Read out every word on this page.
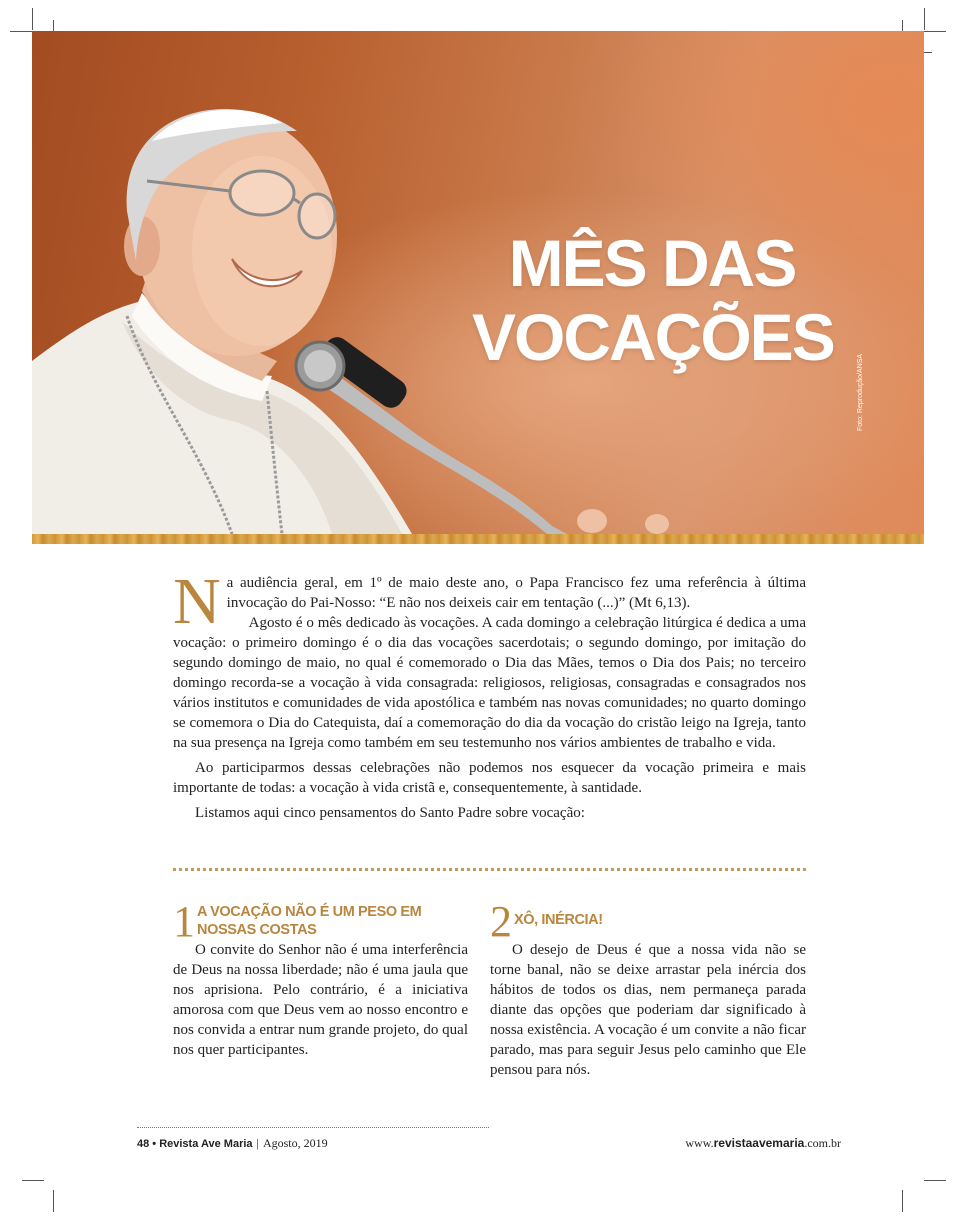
MÊS DAS
VOCAÇÕES
Foto: Reprodução/ANSA

Na audiência geral, em 1º de maio deste ano, o Papa Francisco fez uma referência à última invocação do Pai-Nosso: “E não nos deixeis cair em tentação (...)” (Mt 6,13).

Agosto é o mês dedicado às vocações. A cada domingo a celebração litúrgica é dedica a uma vocação: o primeiro domingo é o dia das vocações sacerdotais; o segundo domingo, por imitação do segundo domingo de maio, no qual é comemorado o Dia das Mães, temos o Dia dos Pais; no terceiro domingo recorda-se a vocação à vida consagrada: religiosos, religiosas, consagradas e consagrados nos vários institutos e comunidades de vida apostólica e também nas novas comunidades; no quarto domingo se comemora o Dia do Catequista, daí a comemoração do dia da vocação do cristão leigo na Igreja, tanto na sua presença na Igreja como também em seu testemunho nos vários ambientes de trabalho e vida.

Ao participarmos dessas celebrações não podemos nos esquecer da vocação primeira e mais importante de todas: a vocação à vida cristã e, consequentemente, à santidade.

Listamos aqui cinco pensamentos do Santo Padre sobre vocação:

1 A VOCAÇÃO NÃO É UM PESO EM NOSSAS COSTAS

O convite do Senhor não é uma interferência de Deus na nossa liberdade; não é uma jaula que nos aprisiona. Pelo contrário, é a iniciativa amorosa com que Deus vem ao nosso encontro e nos convida a entrar num grande projeto, do qual nos quer participantes.

2 XÔ, INÉRCIA!

O desejo de Deus é que a nossa vida não se torne banal, não se deixe arrastar pela inércia dos hábitos de todos os dias, nem permaneça parada diante das opções que poderiam dar significado à nossa existência. A vocação é um convite a não ficar parado, mas para seguir Jesus pelo caminho que Ele pensou para nós.

48 • Revista Ave Maria | Agosto, 2019	www.revistaavemaria.com.br
